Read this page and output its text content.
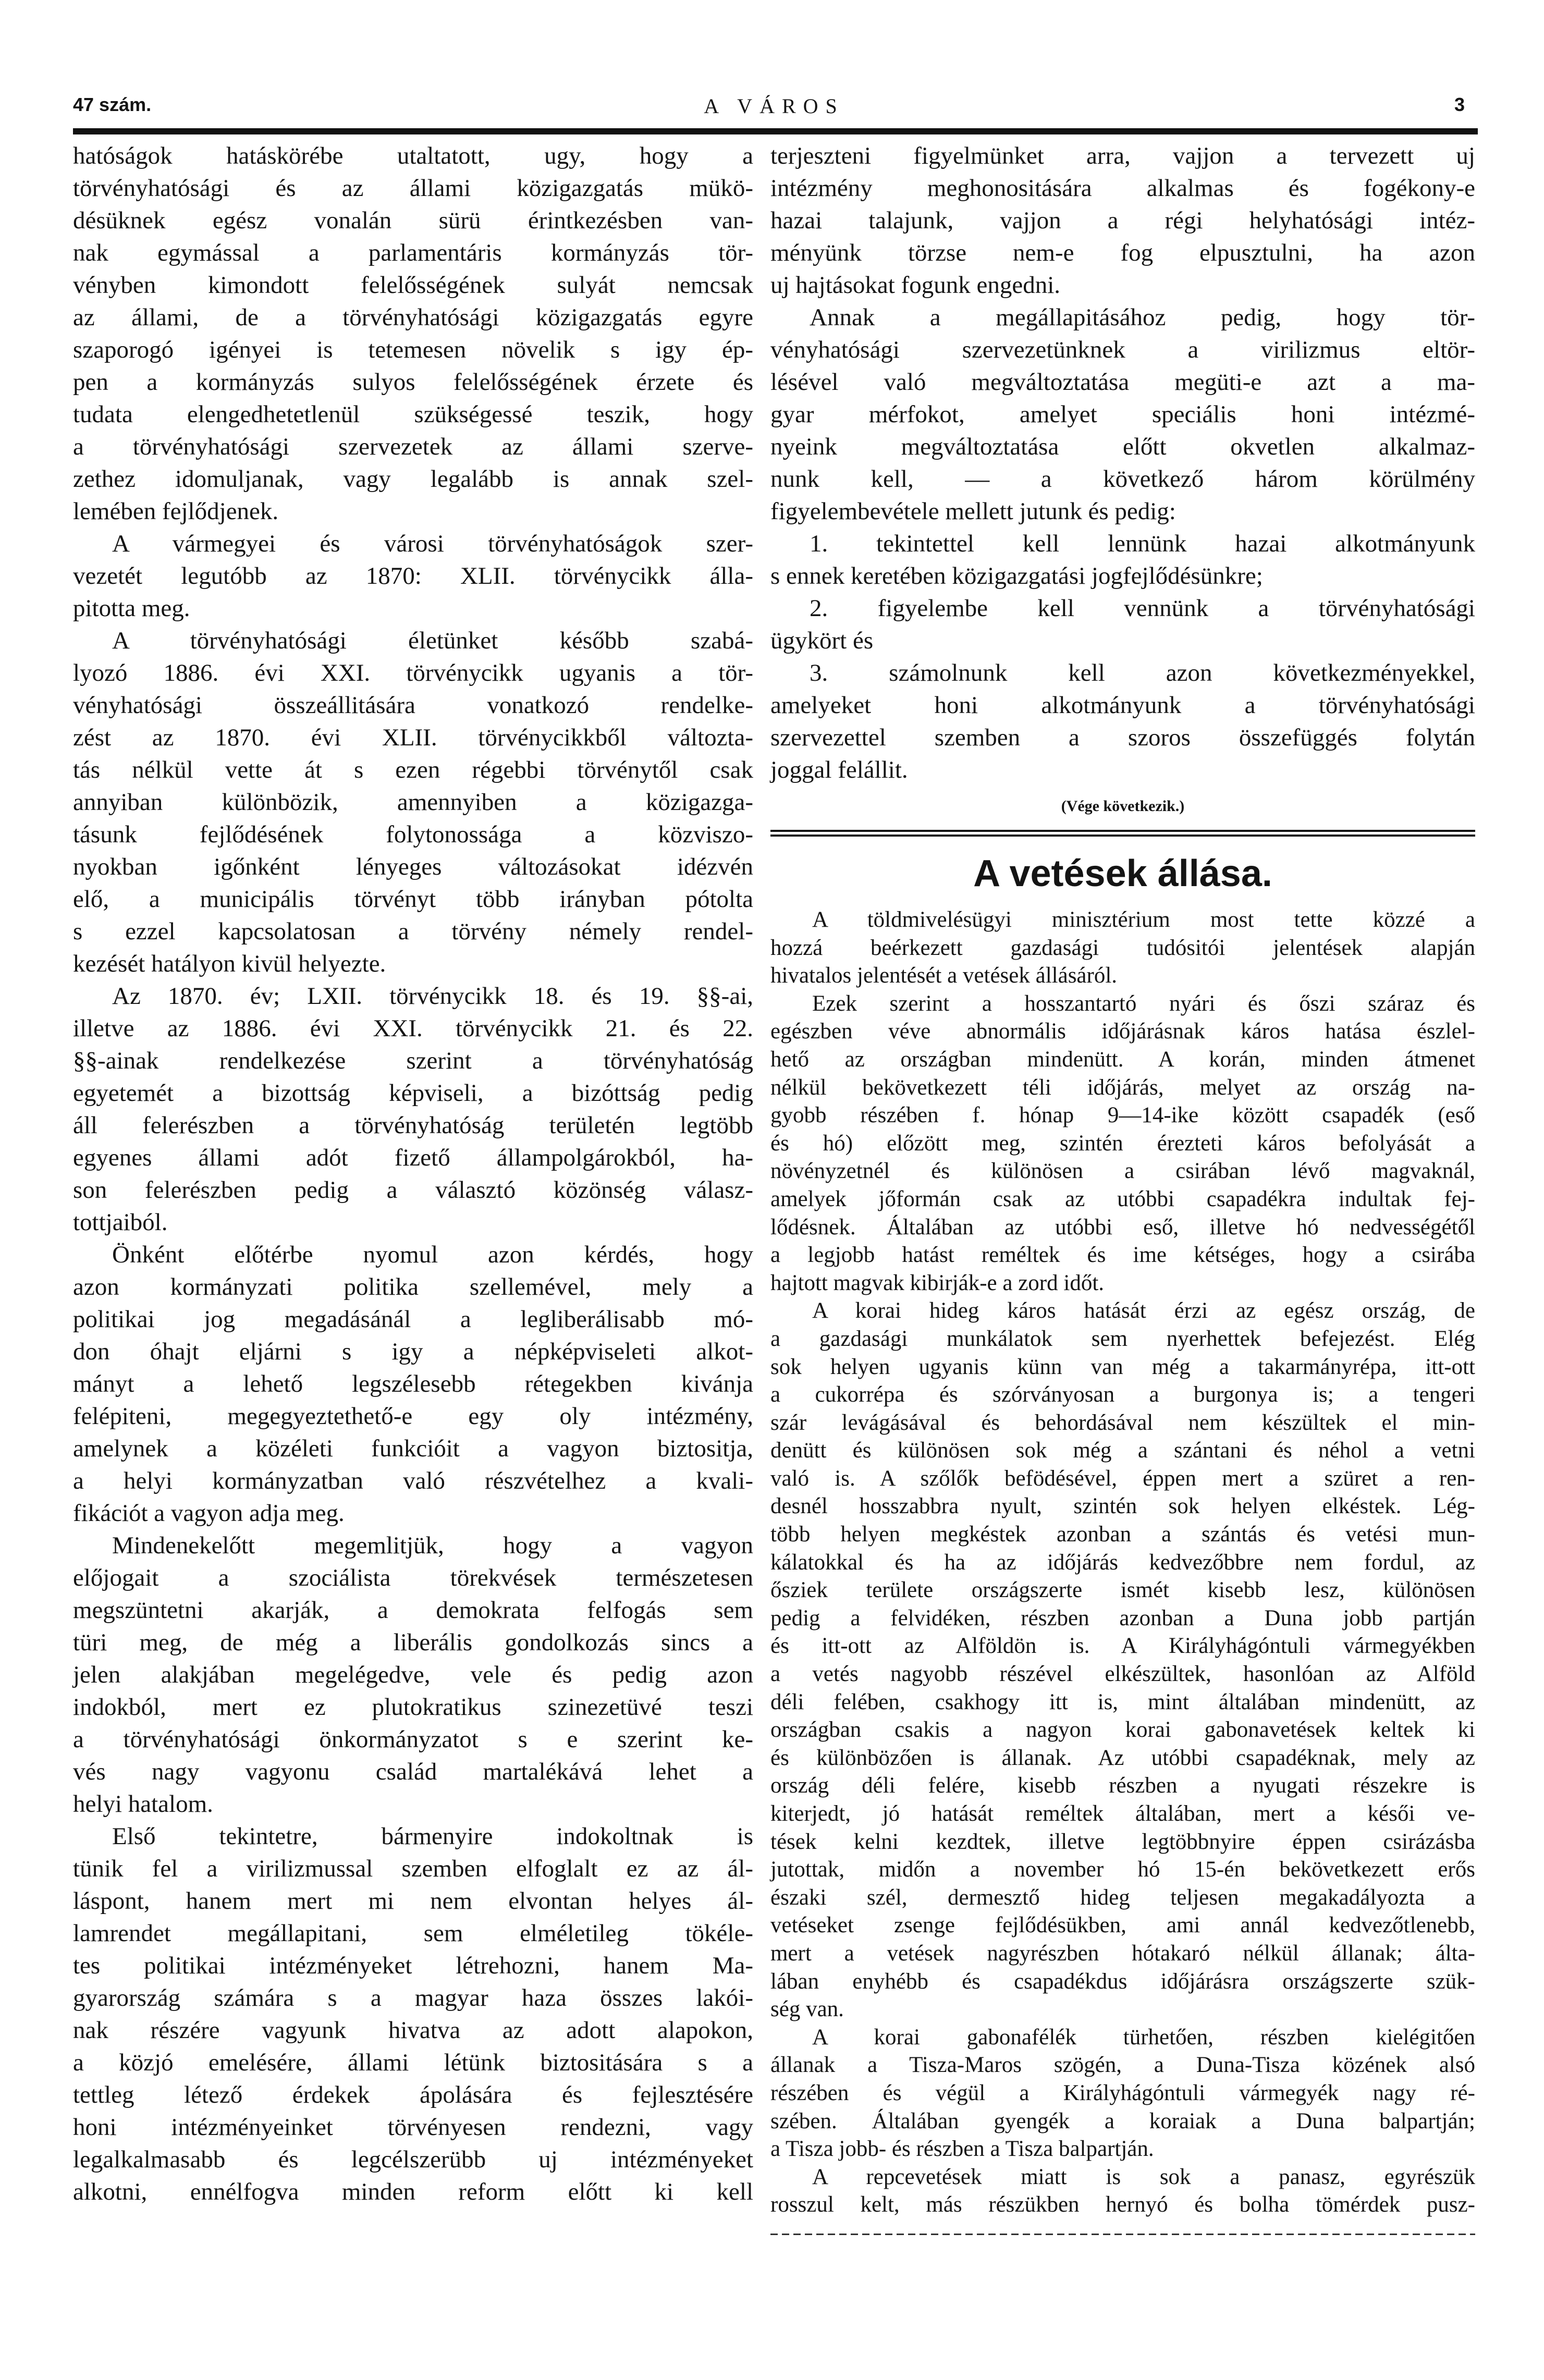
47 szám.	A VÁROS	3
hatóságok hatáskörébe utaltatott, ugy, hogy a
törvényhatósági és az állami közigazgatás mükö-
désüknek egész vonalán sürü érintkezésben van-
nak egymással a parlamentáris kormányzás tör-
vényben kimondott felelősségének sulyát nemcsak
az állami, de a törvényhatósági közigazgatás egyre
szaporogó igényei is tetemesen növelik s igy ép-
pen a kormányzás sulyos felelősségének érzete és
tudata elengedhetetlenül szükségessé teszik, hogy
a törvényhatósági szervezetek az állami szerve-
zethez idomuljanak, vagy legalább is annak szel-
lemében fejlődjenek.
A vármegyei és városi törvényhatóságok szer-
vezetét legutóbb az 1870: XLII. törvénycikk álla-
pitotta meg.
A törvényhatósági életünket később szabá-
lyozó 1886. évi XXI. törvénycikk ugyanis a tör-
vényhatósági összeállitására vonatkozó rendelke-
zést az 1870. évi XLII. törvénycikkből változta-
tás nélkül vette át s ezen régebbi törvénytől csak
annyiban különbözik, amennyiben a közigazga-
tásunk fejlődésének folytonossága a közviszo-
nyokban igőnként lényeges változásokat idézvén
elő, a municipális törvényt több irányban pótolta
s ezzel kapcsolatosan a törvény némely rendel-
kezését hatályon kivül helyezte.
Az 1870. év; LXII. törvénycikk 18. és 19. §§-ai,
illetve az 1886. évi XXI. törvénycikk 21. és 22.
§§-ainak rendelkezése szerint a törvényhatóság
egyetemét a bizottság képviseli, a bizóttság pedig
áll felerészben a törvényhatóság területén legtöbb
egyenes állami adót fizető állampolgárokból, ha-
son felerészben pedig a választó közönség válasz-
tottjaiból.
Önként előtérbe nyomul azon kérdés, hogy
azon kormányzati politika szellemével, mely a
politikai jog megadásánál a legliberálisabb mó-
don óhajt eljárni s igy a népképviseleti alkot-
mányt a lehető legszélesebb rétegekben kivánja
felépiteni, megegyeztethető-e egy oly intézmény,
amelynek a közéleti funkcióit a vagyon biztositja,
a helyi kormányzatban való részvételhez a kvali-
fikációt a vagyon adja meg.
Mindenekelőtt megemlitjük, hogy a vagyon
előjogait a szociálista törekvések természetesen
megszüntetni akarják, a demokrata felfogás sem
türi meg, de még a liberális gondolkozás sincs a
jelen alakjában megelégedve, vele és pedig azon
indokból, mert ez plutokratikus szinezetüvé teszi
a törvényhatósági önkormányzatot s e szerint ke-
vés nagy vagyonu család martalékává lehet a
helyi hatalom.
Első tekintetre, bármenyire indokoltnak is
tünik fel a virilizmussal szemben elfoglalt ez az ál-
láspont, hanem mert mi nem elvontan helyes ál-
lamrendet megállapitani, sem elméletileg tökéle-
tes politikai intézményeket létrehozni, hanem Ma-
gyarország számára s a magyar haza összes lakói-
nak részére vagyunk hivatva az adott alapokon,
a közjó emelésére, állami létünk biztositására s a
tettleg létező érdekek ápolására és fejlesztésére
honi intézményeinket törvényesen rendezni, vagy
legalkalmasabb és legcélszerübb uj intézményeket
alkotni, ennélfogva minden reform előtt ki kell
terjeszteni figyelmünket arra, vajjon a tervezett uj
intézmény meghonositására alkalmas és fogékony-e
hazai talajunk, vajjon a régi helyhatósági intéz-
ményünk törzse nem-e fog elpusztulni, ha azon
uj hajtásokat fogunk engedni.
Annak a megállapitásához pedig, hogy tör-
vényhatósági szervezetünknek a virilizmus eltör-
lésével való megváltoztatása megüti-e azt a ma-
gyar mérfokot, amelyet speciális honi intézmé-
nyeink megváltoztatása előtt okvetlen alkalmaz-
nunk kell, — a következő három körülmény
figyelembevétele mellett jutunk és pedig:
1. tekintettel kell lennünk hazai alkotmányunk
s ennek keretében közigazgatási jogfejlődésünkre;
2. figyelembe kell vennünk a törvényhatósági
ügykört és
3. számolnunk kell azon következményekkel,
amelyeket honi alkotmányunk a törvényhatósági
szervezettel szemben a szoros összefüggés folytán
joggal felállit.
(Vége következik.)
A vetések állása.
A töldmivelésügyi minisztérium most tette közzé a
hozzá beérkezett gazdasági tudósitói jelentések alapján
hivatalos jelentését a vetések állásáról.
Ezek szerint a hosszantartó nyári és őszi száraz és
egészben véve abnormális időjárásnak káros hatása észlel-
hető az országban mindenütt. A korán, minden átmenet
nélkül bekövetkezett téli időjárás, melyet az ország na-
gyobb részében f. hónap 9—14-ike között csapadék (eső
és hó) előzött meg, szintén érezteti káros befolyását a
növényzetnél és különösen a csirában lévő magvaknál,
amelyek jőformán csak az utóbbi csapadékra indultak fej-
lődésnek. Általában az utóbbi eső, illetve hó nedvességétől
a legjobb hatást reméltek és ime kétséges, hogy a csirába
hajtott magvak kibirják-e a zord időt.
A korai hideg káros hatását érzi az egész ország, de
a gazdasági munkálatok sem nyerhettek befejezést. Elég
sok helyen ugyanis künn van még a takarmányrépa, itt-ott
a cukorrépa és szórványosan a burgonya is; a tengeri
szár levágásával és behordásával nem készültek el min-
denütt és különösen sok még a szántani és néhol a vetni
való is. A szőlők befödésével, éppen mert a szüret a ren-
desnél hosszabbra nyult, szintén sok helyen elkéstek. Lég-
több helyen megkéstek azonban a szántás és vetési mun-
kálatokkal és ha az időjárás kedvezőbbre nem fordul, az
ősziek területe országszerte ismét kisebb lesz, különösen
pedig a felvidéken, részben azonban a Duna jobb partján
és itt-ott az Alföldön is. A Királyhágóntuli vármegyékben
a vetés nagyobb részével elkészültek, hasonlóan az Alföld
déli felében, csakhogy itt is, mint általában mindenütt, az
országban csakis a nagyon korai gabonavetések keltek ki
és különbözően is állanak. Az utóbbi csapadéknak, mely az
ország déli felére, kisebb részben a nyugati részekre is
kiterjedt, jó hatását reméltek általában, mert a késői ve-
tések kelni kezdtek, illetve legtöbbnyire éppen csirázásba
jutottak, midőn a november hó 15-én bekövetkezett erős
északi szél, dermesztő hideg teljesen megakadályozta a
vetéseket zsenge fejlődésükben, ami annál kedvezőtlenebb,
mert a vetések nagyrészben hótakaró nélkül állanak; álta-
lában enyhébb és csapadékdus időjárásra országszerte szük-
ség van.
A korai gabonafélék türhetően, részben kielégitően
állanak a Tisza-Maros szögén, a Duna-Tisza közének alsó
részében és végül a Királyhágóntuli vármegyék nagy ré-
szében. Általában gyengék a koraiak a Duna balpartján;
a Tisza jobb- és részben a Tisza balpartján.
A repcevetések miatt is sok a panasz, egyrészük
rosszul kelt, más részükben hernyó és bolha tömérdek pusz-
